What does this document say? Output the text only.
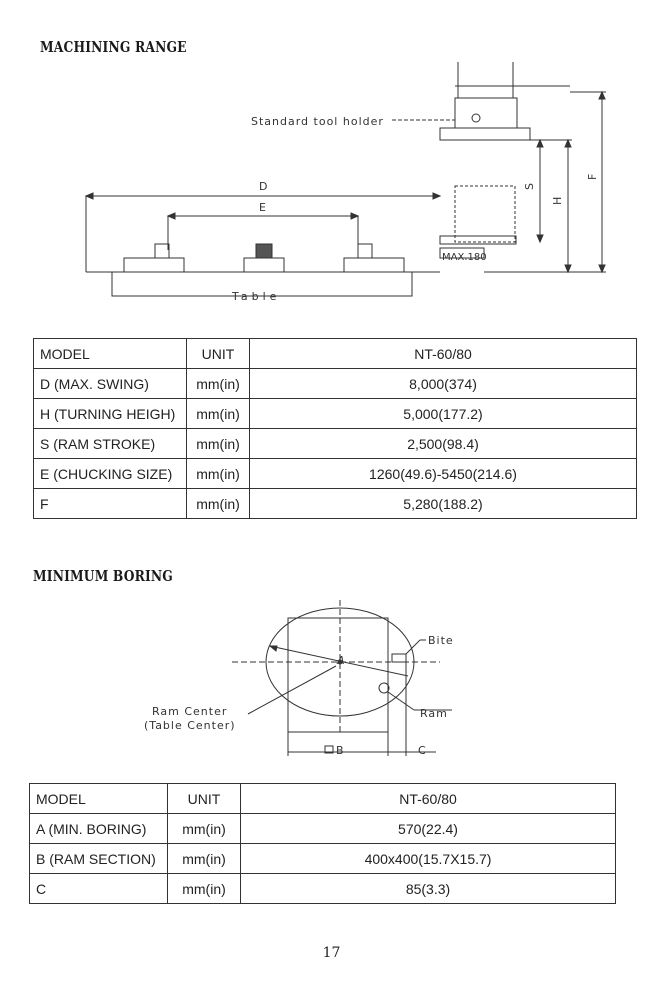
MACHINING RANGE
Standard tool holder
D
E
MAX.180
Table
S
H
F
MODEL	UNIT	NT-60/80
D (MAX. SWING)	mm(in)	8,000(374)
H (TURNING HEIGH)	mm(in)	5,000(177.2)
S (RAM STROKE)	mm(in)	2,500(98.4)
E (CHUCKING SIZE)	mm(in)	1260(49.6)-5450(214.6)
F	mm(in)	5,280(188.2)
MINIMUM BORING
A
Bite
Ram
Ram Center
(Table Center)
B	C
MODEL	UNIT	NT-60/80
A (MIN. BORING)	mm(in)	570(22.4)
B (RAM SECTION)	mm(in)	400x400(15.7X15.7)
C	mm(in)	85(3.3)
17
